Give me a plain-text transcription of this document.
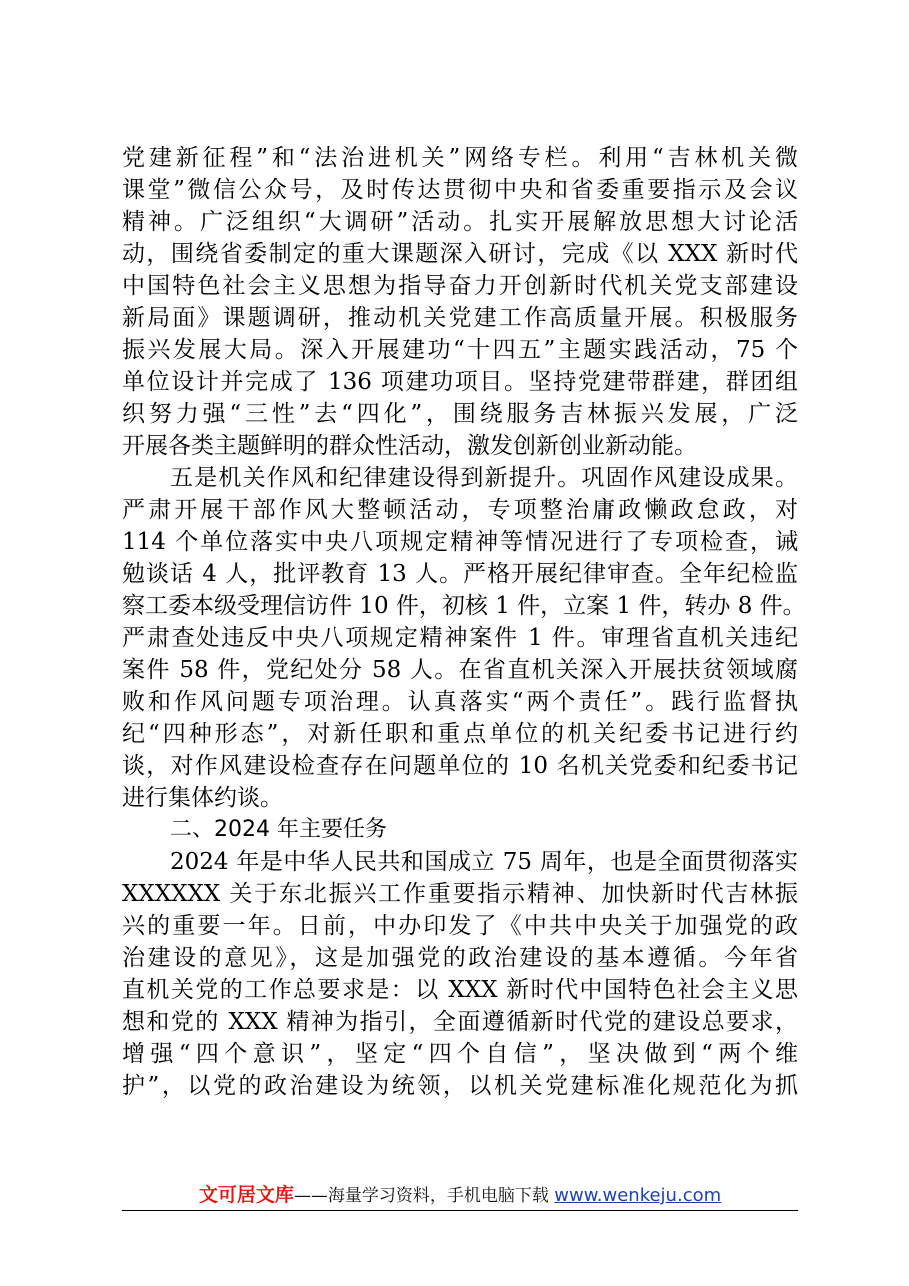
党建新征程”和“法治进机关”网络专栏。利用“吉林机关微
课堂”微信公众号，及时传达贯彻中央和省委重要指示及会议
精神。广泛组织“大调研”活动。扎实开展解放思想大讨论活
动，围绕省委制定的重大课题深入研讨，完成《以 XXX 新时代
中国特色社会主义思想为指导奋力开创新时代机关党支部建设
新局面》课题调研，推动机关党建工作高质量开展。积极服务
振兴发展大局。深入开展建功“十四五”主题实践活动，75 个
单位设计并完成了 136 项建功项目。坚持党建带群建，群团组
织努力强“三性”去“四化”，围绕服务吉林振兴发展，广泛
开展各类主题鲜明的群众性活动，激发创新创业新动能。
五是机关作风和纪律建设得到新提升。巩固作风建设成果。
严肃开展干部作风大整顿活动，专项整治庸政懒政怠政，对
114 个单位落实中央八项规定精神等情况进行了专项检查，诫
勉谈话 4 人，批评教育 13 人。严格开展纪律审查。全年纪检监
察工委本级受理信访件 10 件，初核 1 件，立案 1 件，转办 8 件。
严肃查处违反中央八项规定精神案件 1 件。审理省直机关违纪
案件 58 件，党纪处分 58 人。在省直机关深入开展扶贫领域腐
败和作风问题专项治理。认真落实“两个责任”。践行监督执
纪“四种形态”，对新任职和重点单位的机关纪委书记进行约
谈，对作风建设检查存在问题单位的 10 名机关党委和纪委书记
进行集体约谈。
二、2024 年主要任务
2024 年是中华人民共和国成立 75 周年，也是全面贯彻落实
XXXXXX 关于东北振兴工作重要指示精神、加快新时代吉林振
兴的重要一年。日前，中办印发了《中共中央关于加强党的政
治建设的意见》，这是加强党的政治建设的基本遵循。今年省
直机关党的工作总要求是：以 XXX 新时代中国特色社会主义思
想和党的 XXX 精神为指引，全面遵循新时代党的建设总要求，
增强“四个意识”，坚定“四个自信”，坚决做到“两个维
护”，以党的政治建设为统领，以机关党建标准化规范化为抓
文可居文库——海量学习资料，手机电脑下载 www.wenkeju.com
